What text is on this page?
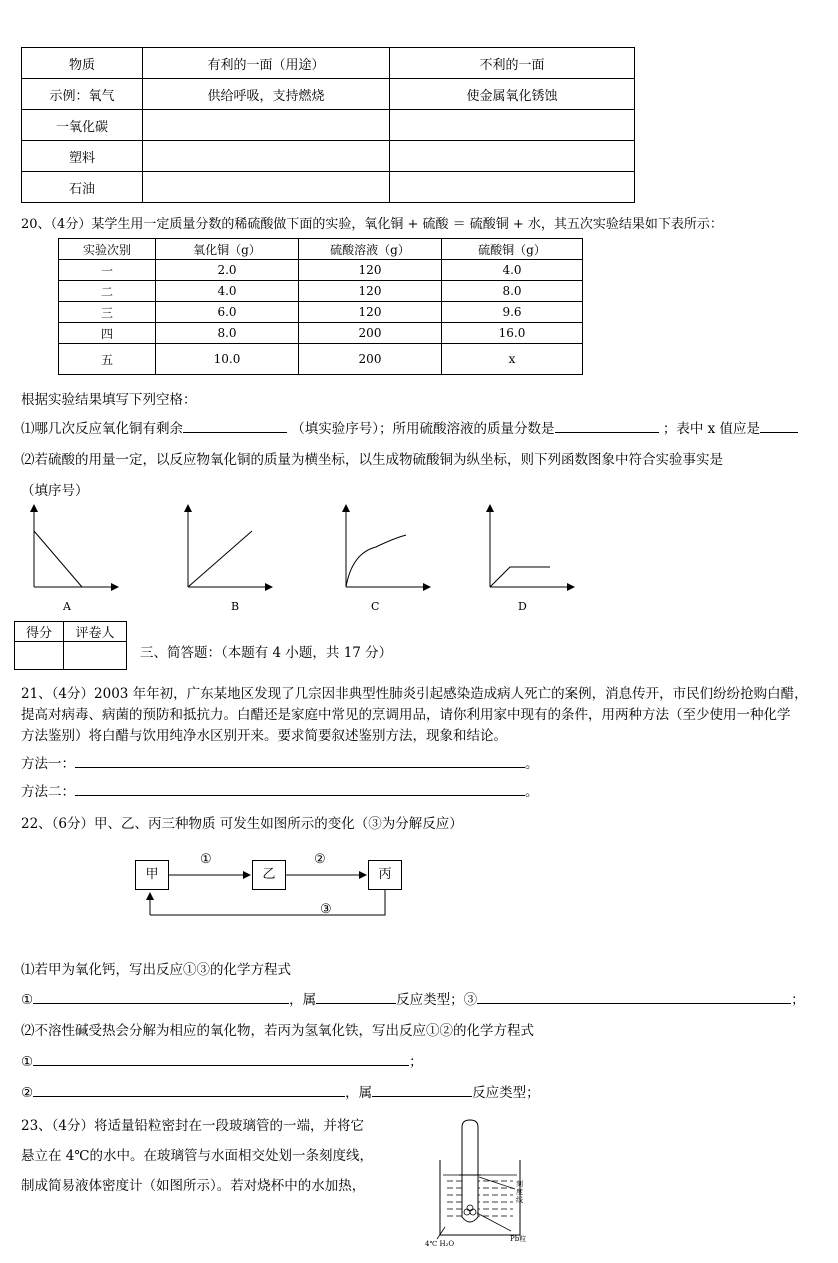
物质	有利的一面（用途）	不利的一面
示例：氧气	供给呼吸，支持燃烧	使金属氧化锈蚀
一氧化碳		
塑料		
石油		
20、（4分）某学生用一定质量分数的稀硫酸做下面的实验，氧化铜 + 硫酸 ＝ 硫酸铜 + 水，其五次实验结果如下表所示：
实验次别	氧化铜（g）	硫酸溶液（g）	硫酸铜（g）
一	2.0	120	4.0
二	4.0	120	8.0
三	6.0	120	9.6
四	8.0	200	16.0
五	10.0	200	x
根据实验结果填写下列空格：
⑴哪几次反应氧化铜有剩余	（填实验序号）；所用硫酸溶液的质量分数是	；表中 x 值应是
⑵若硫酸的用量一定，以反应物氧化铜的质量为横坐标，以生成物硫酸铜为纵坐标，则下列函数图象中符合实验事实是
（填序号）
A	B	C	D
得分	评卷人

三、简答题：（本题有 4 小题，共 17 分）
21、（4分）2003 年年初，广东某地区发现了几宗因非典型性肺炎引起感染造成病人死亡的案例，消息传开，市民们纷纷抢购白醋，
提高对病毒、病菌的预防和抵抗力。白醋还是家庭中常见的烹调用品，请你利用家中现有的条件，用两种方法（至少使用一种化学
方法鉴别）将白醋与饮用纯净水区别开来。要求简要叙述鉴别方法，现象和结论。
方法一：	。
方法二：	。
22、（6分）甲、乙、丙三种物质 可发生如图所示的变化（③为分解反应）
甲	乙	丙
①	②
③
⑴若甲为氧化钙，写出反应①③的化学方程式
①	，属	反应类型；③	；
⑵不溶性碱受热会分解为相应的氧化物，若丙为氢氧化铁，写出反应①②的化学方程式
①	；
②	，属	反应类型；
23、（4分）将适量铅粒密封在一段玻璃管的一端，并将它
悬立在 4℃的水中。在玻璃管与水面相交处划一条刻度线，
制成简易液体密度计（如图所示）。若对烧杯中的水加热，	刻度线
Pb粒
4℃ H₂O
